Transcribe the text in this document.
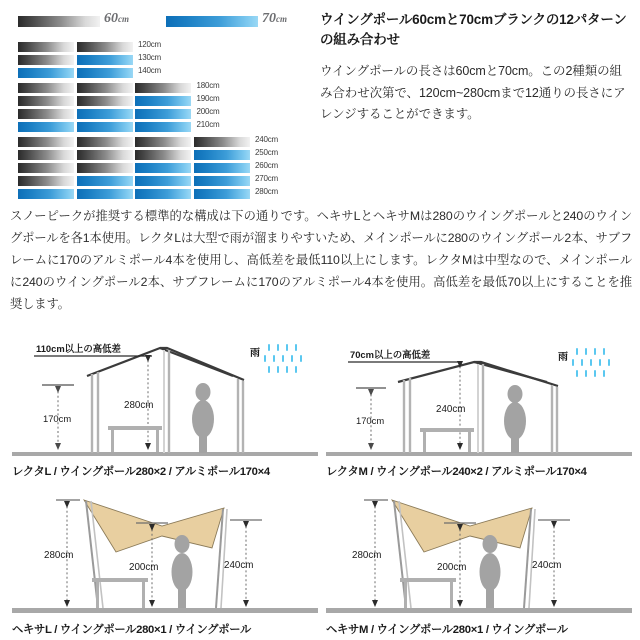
60cm	70cm
120cm
130cm
140cm
180cm
190cm
200cm
210cm
240cm
250cm
260cm
270cm
280cm
ウイングポール60cmと70cmブランクの12パターンの組み合わせ

ウイングポールの長さは60cmと70cm。この2種類の組み合わせ次第で、120cm~280cmまで12通りの長さにアレンジすることができます。

スノーピークが推奨する標準的な構成は下の通りです。ヘキサLとヘキサMは280のウイングポールと240のウイングポールを各1本使用。レクタLは大型で雨が溜まりやすいため、メインポールに280のウイングポール2本、サブフレームに170のアルミポール4本を使用し、高低差を最低110以上にします。レクタMは中型なので、メインポールに240のウイングポール2本、サブフレームに170のアルミポール4本を使用。高低差を最低70以上にすることを推奨します。
110cm以上の高低差
170cm
280cm
雨
レクタL / ウイングポール280×2 / アルミポール170×4
70cm以上の高低差
170cm
240cm
雨
レクタM / ウイングポール240×2 / アルミポール170×4
280cm
200cm	240cm
ヘキサL / ウイングポール280×1 / ウイングポール
280cm
200cm	240cm
ヘキサM / ウイングポール280×1 / ウイングポール
